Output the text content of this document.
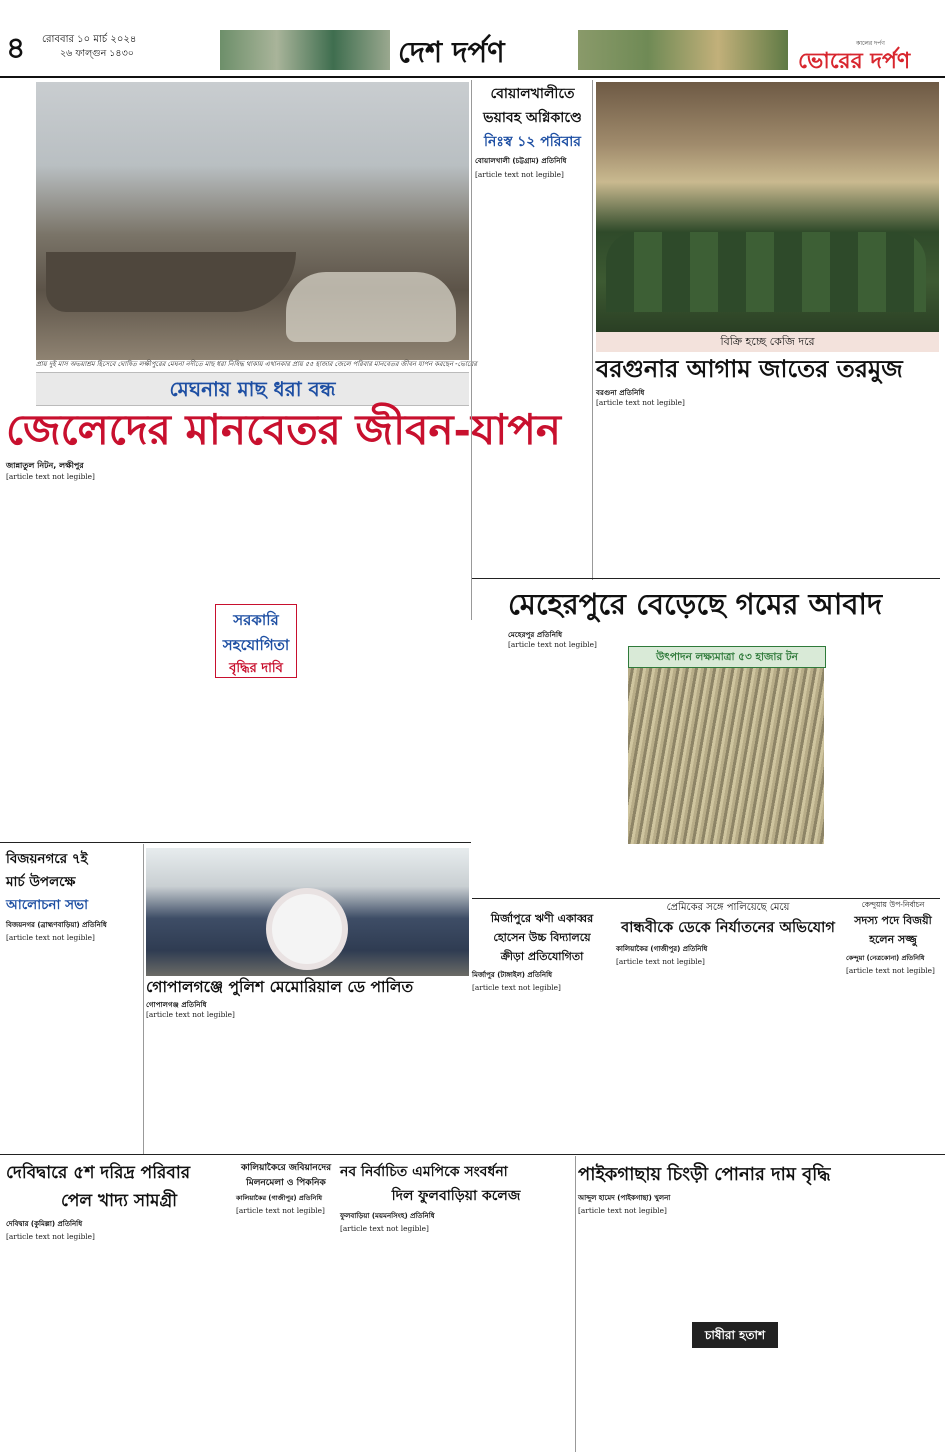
৪ রোববার ১০ মার্চ ২০২৪
২৬ ফাল্গুন ১৪৩০	দেশ দর্পণ	কালের দর্পণ
ভোরের দর্পণ
প্রায় দুই মাস অভয়াশ্রম হিসেবে ঘোষিত লক্ষীপুরের মেঘনা নদীতে মাছ ধরা নিষিদ্ধ থাকায় এখানকার প্রায় ৫৫ হাজার জেলে পরিবার মানবেতর জীবন যাপন করছেন -ভোরের
মেঘনায় মাছ ধরা বন্ধ
জেলেদের মানবেতর জীবন-যাপন
জান্নাতুল নিটন, লক্ষীপুর
[article text not legible]
সরকারি
সহযোগিতা
বৃদ্ধির দাবি
বোয়ালখালীতে
ভয়াবহ অগ্নিকাণ্ডে
নিঃস্ব ১২ পরিবার
বোয়ালখালী (চট্টগ্রাম) প্রতিনিধি
[article text not legible]
বিক্রি হচ্ছে কেজি দরে
বরগুনার আগাম জাতের তরমুজ
বরগুনা প্রতিনিধি
[article text not legible]
মেহেরপুরে বেড়েছে গমের আবাদ
মেহেরপুর প্রতিনিধি
[article text not legible]
উৎপাদন লক্ষ্যমাত্রা ৫৩ হাজার টন
বিজয়নগরে ৭ই
মার্চ উপলক্ষে
আলোচনা সভা
বিজয়নগর (ব্রাহ্মণবাড়িয়া) প্রতিনিধি
[article text not legible]
গোপালগঞ্জে পুলিশ মেমোরিয়াল ডে পালিত
গোপালগঞ্জ প্রতিনিধি
[article text not legible]
মির্জাপুরে ঋণী একাব্বর
হোসেন উচ্চ বিদ্যালয়ে
ক্রীড়া প্রতিযোগিতা
মির্জাপুর (টাঙ্গাইল) প্রতিনিধি
[article text not legible]
প্রেমিকের সঙ্গে পালিয়েছে মেয়ে
বান্ধবীকে ডেকে নির্যাতনের অভিযোগ
কালিয়াকৈর (গাজীপুর) প্রতিনিধি
[article text not legible]
কেন্দুয়ায় উপ-নির্বাচন
সদস্য পদে বিজয়ী
হলেন সজ্জু
কেন্দুয়া (নেত্রকোনা) প্রতিনিধি
[article text not legible]
দেবিদ্বারে ৫শ দরিদ্র পরিবার
পেল খাদ্য সামগ্রী
দেবিদ্বার (কুমিল্লা) প্রতিনিধি
[article text not legible]
কালিয়াকৈরে জবিয়ানদের
মিলনমেলা ও পিকনিক
কালিয়াকৈর (গাজীপুর) প্রতিনিধি
[article text not legible]
নব নির্বাচিত এমপিকে সংবর্ধনা
দিল ফুলবাড়িয়া কলেজ
ফুলবাড়িয়া (ময়মনসিংহ) প্রতিনিধি
[article text not legible]
পাইকগাছায় চিংড়ী পোনার দাম বৃদ্ধি
আব্দুল হামেদ (পাইকগাছা) খুলনা
[article text not legible]
চাষীরা হতাশ
